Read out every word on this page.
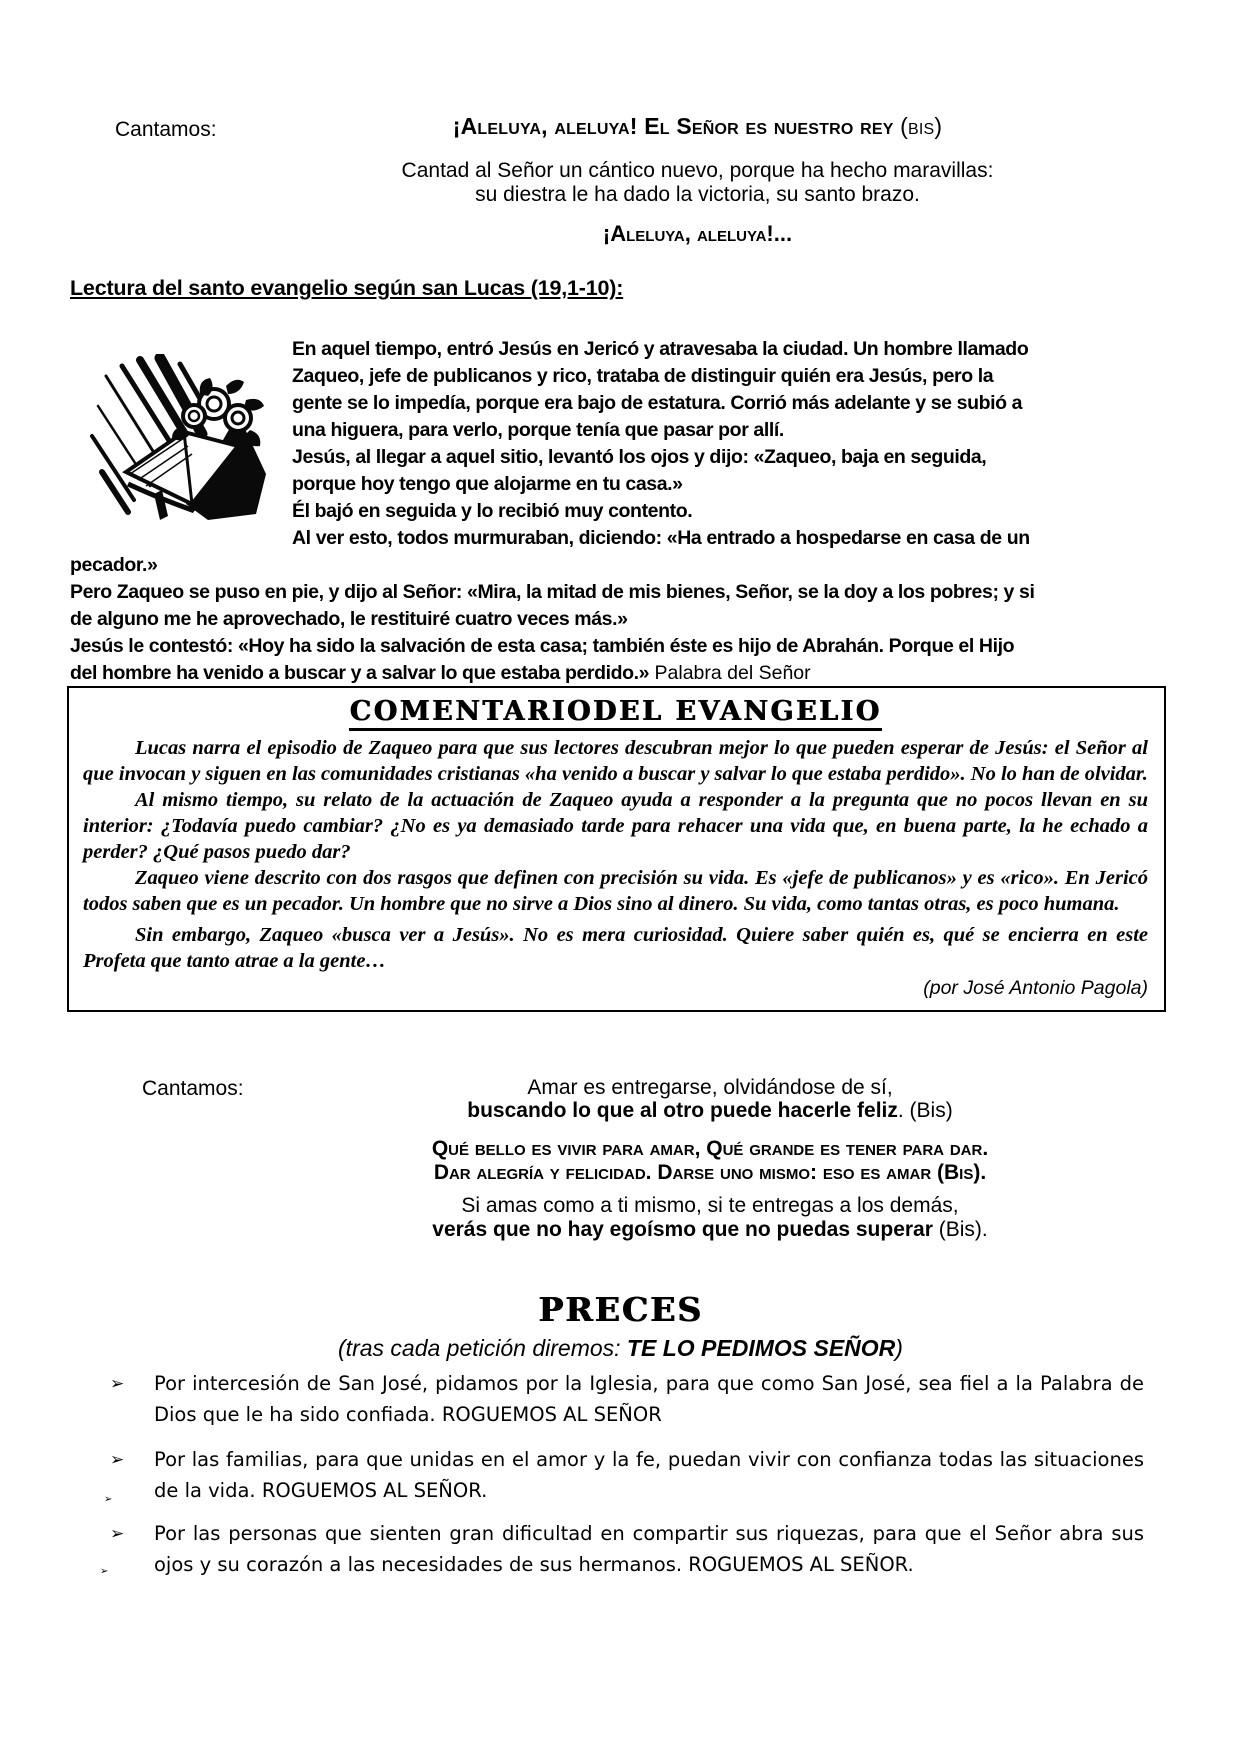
Cantamos:	¡Aleluya, aleluya! El Señor es nuestro rey (bis)
Cantad al Señor un cántico nuevo, porque ha hecho maravillas:
su diestra le ha dado la victoria, su santo brazo.
¡Aleluya, aleluya!...
Lectura del santo evangelio según san Lucas (19,1-10):

En aquel tiempo, entró Jesús en Jericó y atravesaba la ciudad. Un hombre llamado Zaqueo, jefe de publicanos y rico, trataba de distinguir quién era Jesús, pero la gente se lo impedía, porque era bajo de estatura. Corrió más adelante y se subió a una higuera, para verlo, porque tenía que pasar por allí.

Jesús, al llegar a aquel sitio, levantó los ojos y dijo: «Zaqueo, baja en seguida, porque hoy tengo que alojarme en tu casa.»

Él bajó en seguida y lo recibió muy contento.

Al ver esto, todos murmuraban, diciendo: «Ha entrado a hospedarse en casa de un pecador.»

Pero Zaqueo se puso en pie, y dijo al Señor: «Mira, la mitad de mis bienes, Señor, se la doy a los pobres; y si de alguno me he aprovechado, le restituiré cuatro veces más.»

Jesús le contestó: «Hoy ha sido la salvación de esta casa; también éste es hijo de Abrahán. Porque el Hijo del hombre ha venido a buscar y a salvar lo que estaba perdido.» Palabra del Señor

COMENTARIODEL EVANGELIO

Lucas narra el episodio de Zaqueo para que sus lectores descubran mejor lo que pueden esperar de Jesús: el Señor al que invocan y siguen en las comunidades cristianas «ha venido a buscar y salvar lo que estaba perdido». No lo han de olvidar.

Al mismo tiempo, su relato de la actuación de Zaqueo ayuda a responder a la pregunta que no pocos llevan en su interior: ¿Todavía puedo cambiar? ¿No es ya demasiado tarde para rehacer una vida que, en buena parte, la he echado a perder? ¿Qué pasos puedo dar?

Zaqueo viene descrito con dos rasgos que definen con precisión su vida. Es «jefe de publicanos» y es «rico». En Jericó todos saben que es un pecador. Un hombre que no sirve a Dios sino al dinero. Su vida, como tantas otras, es poco humana.

Sin embargo, Zaqueo «busca ver a Jesús». No es mera curiosidad. Quiere saber quién es, qué se encierra en este Profeta que tanto atrae a la gente…

(por José Antonio Pagola)
Cantamos:	Amar es entregarse, olvidándose de sí,
buscando lo que al otro puede hacerle feliz. (Bis)
Qué bello es vivir para amar, Qué grande es tener para dar.
Dar alegría y felicidad. Darse uno mismo: eso es amar (Bis).
Si amas como a ti mismo, si te entregas a los demás,
verás que no hay egoísmo que no puedas superar (Bis).
PRECES
(tras cada petición diremos: TE LO PEDIMOS SEÑOR)
➢ Por intercesión de San José, pidamos por la Iglesia, para que como San José, sea fiel a la Palabra de Dios que le ha sido confiada. ROGUEMOS AL SEÑOR
➢ Por las familias, para que unidas en el amor y la fe, puedan vivir con confianza todas las situaciones de la vida. ROGUEMOS AL SEÑOR.
➢ Por las personas que sienten gran dificultad en compartir sus riquezas, para que el Señor abra sus ojos y su corazón a las necesidades de sus hermanos. ROGUEMOS AL SEÑOR.
➢
➢
